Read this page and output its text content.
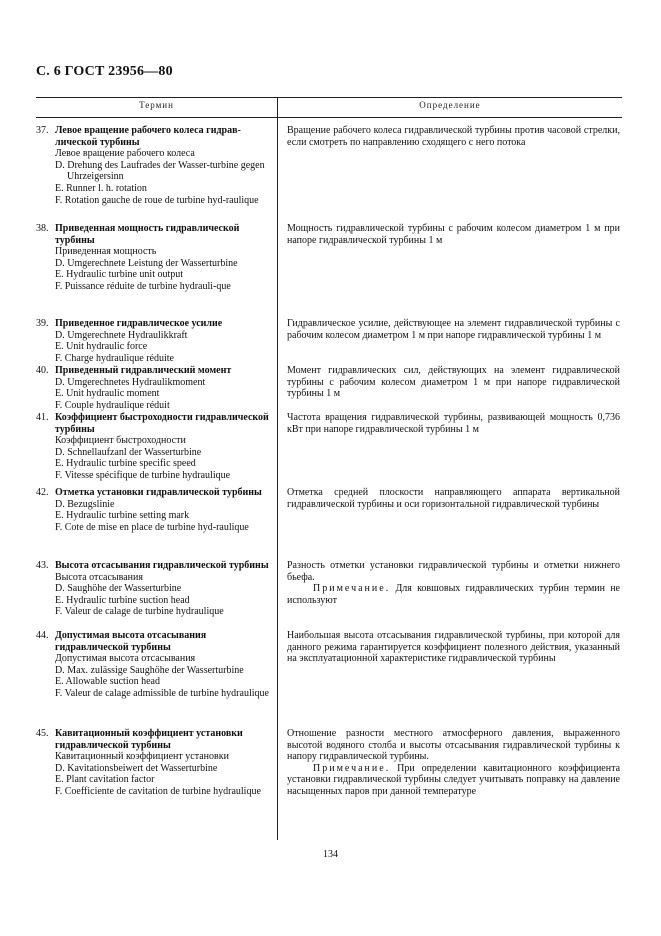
С. 6 ГОСТ 23956—80
Термин	Определение
37. Левое вращение рабочего колеса гидрав-лической турбины
Левое вращение рабочего колеса
D. Drehung des Laufrades der Wasser-turbine gegen Uhrzeigersinn
E. Runner l. h. rotation
F. Rotation gauche de roue de turbine hyd-raulique

Вращение рабочего колеса гидравлической турбины против часовой стрелки, если смотреть по направлению сходящего с него потока

38. Приведенная мощность гидравлической турбины
Приведенная мощность
D. Umgerechnete Leistung der Wasserturbine
E. Hydraulic turbine unit output
F. Puissance réduite de turbine hydrauli-que

Мощность гидравлической турбины с рабочим колесом диаметром 1 м при напоре гидравлической турбины 1 м

39. Приведенное гидравлическое усилие
D. Umgerechnete Hydraulikkraft
E. Unit hydraulic force
F. Charge hydraulique réduite

Гидравлическое усилие, действующее на элемент гидравлической турбины с рабочим колесом диаметром 1 м при напоре гидравлической турбины 1 м

40. Приведенный гидравлический момент
D. Umgerechnetes Hydraulikmoment
E. Unit hydraulic moment
F. Couple hydraulique réduit

Момент гидравлических сил, действующих на элемент гидравлической турбины с рабочим колесом диаметром 1 м при напоре гидравлической турбины 1 м

41. Коэффициент быстроходности гидравлической турбины
Коэффициент быстроходности
D. Schnellaufzanl der Wasserturbine
E. Hydraulic turbine specific speed
F. Vitesse spécifique de turbine hydraulique

Частота вращения гидравлической турбины, развивающей мощность 0,736 кВт при напоре гидравлической турбины 1 м

42. Отметка установки гидравлической турбины
D. Bezugslinie
E. Hydraulic turbine setting mark
F. Cote de mise en place de turbine hyd-raulique

Отметка средней плоскости направляющего аппарата вертикальной гидравлической турбины и оси горизонтальной гидравлической турбины

43. Высота отсасывания гидравлической турбины
Высота отсасывания
D. Saughöhe der Wasserturbine
E. Hydraulic turbine suction head
F. Valeur de calage de turbine hydraulique

Разность отметки установки гидравлической турбины и отметки нижнего бьефа.

Примечание. Для ковшовых гидравлических турбин термин не используют

44. Допустимая высота отсасывания гидравлической турбины
Допустимая высота отсасывания
D. Max. zulässige Saughöhe der Wasserturbine
E. Allowable suction head
F. Valeur de calage admissible de turbine hydraulique

Наибольшая высота отсасывания гидравлической турбины, при которой для данного режима гарантируется коэффициент полезного действия, указанный на эксплуатационной характеристике гидравлической турбины

45. Кавитационный коэффициент установки гидравлической турбины
Кавитационный коэффициент установки
D. Kavitationsbeiwert det Wasserturbine
E. Plant cavitation factor
F. Coefficiente de cavitation de turbine hydraulique

Отношение разности местного атмосферного давления, выраженного высотой водяного столба и высоты отсасывания гидравлической турбины к напору гидравлической турбины.

Примечание. При определении кавитационного коэффициента установки гидравлической турбины следует учитывать поправку на давление насыщенных паров при данной температуре

134
